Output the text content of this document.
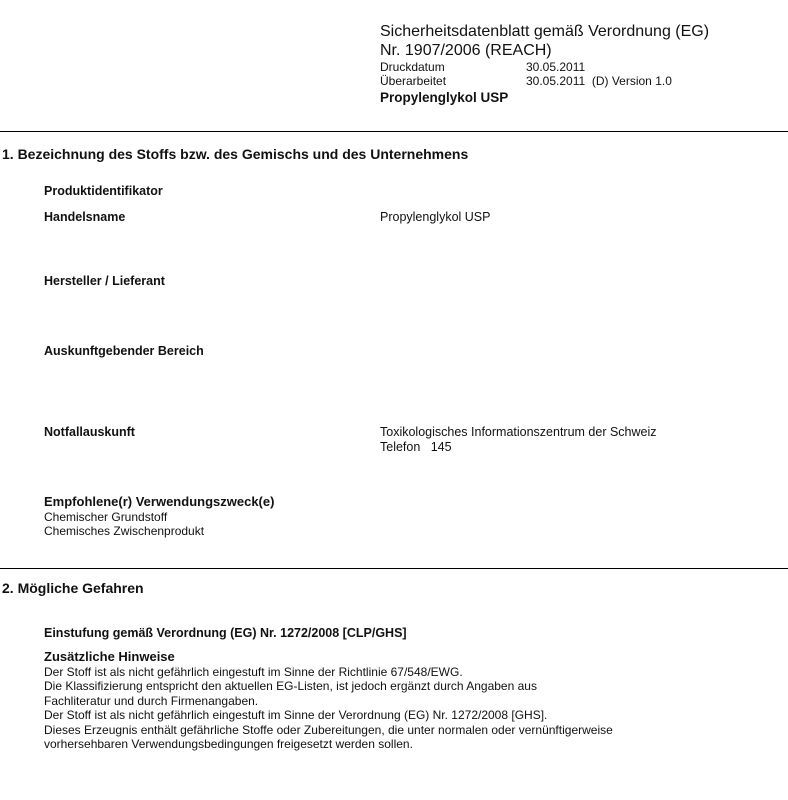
Sicherheitsdatenblatt gemäß Verordnung (EG)

Nr. 1907/2006 (REACH)

Druckdatum	30.05.2011
Überarbeitet	30.05.2011  (D) Version 1.0
Propylenglykol USP
1. Bezeichnung des Stoffs bzw. des Gemischs und des Unternehmens
Produktidentifikator
Handelsname	Propylenglykol USP
Hersteller / Lieferant
Auskunftgebender Bereich
Notfallauskunft	Toxikologisches Informationszentrum der Schweiz
Telefon   145
Empfohlene(r) Verwendungszweck(e)
Chemischer Grundstoff
Chemisches Zwischenprodukt
2. Mögliche Gefahren
Einstufung gemäß Verordnung (EG) Nr. 1272/2008 [CLP/GHS]
Zusätzliche Hinweise
Der Stoff ist als nicht gefährlich eingestuft im Sinne der Richtlinie 67/548/EWG.
Die Klassifizierung entspricht den aktuellen EG-Listen, ist jedoch ergänzt durch Angaben aus
Fachliteratur und durch Firmenangaben.
Der Stoff ist als nicht gefährlich eingestuft im Sinne der Verordnung (EG) Nr. 1272/2008 [GHS].
Dieses Erzeugnis enthält gefährliche Stoffe oder Zubereitungen, die unter normalen oder vernünftigerweise
vorhersehbaren Verwendungsbedingungen freigesetzt werden sollen.
